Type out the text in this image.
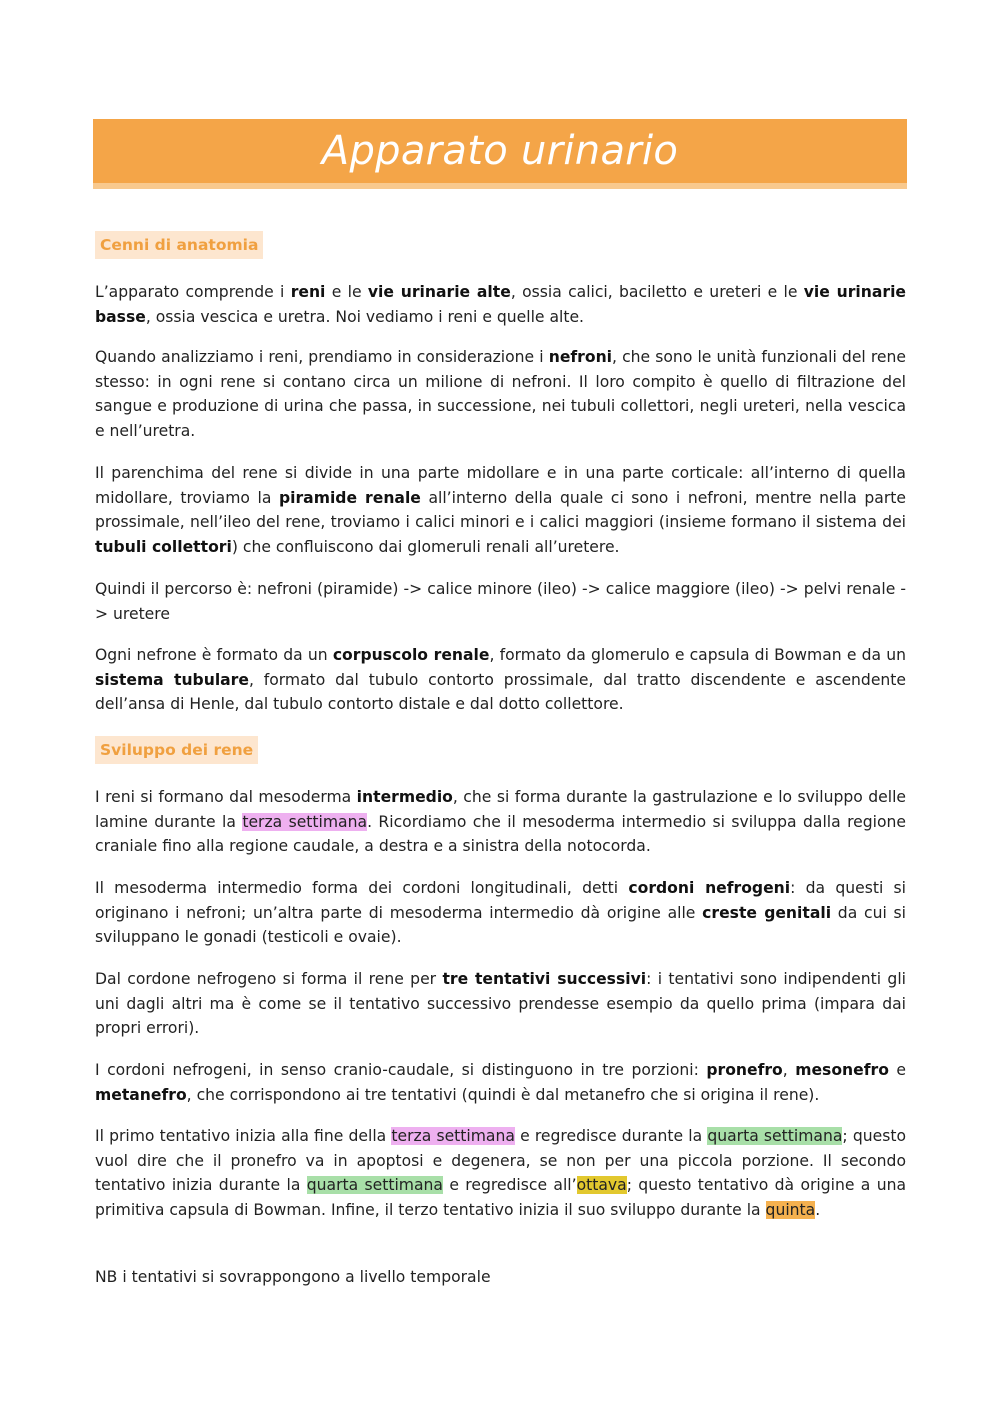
Apparato urinario
Cenni di anatomia

L’apparato comprende i reni e le vie urinarie alte, ossia calici, baciletto e ureteri e le vie urinarie basse, ossia vescica e uretra. Noi vediamo i reni e quelle alte.

Quando analizziamo i reni, prendiamo in considerazione i nefroni, che sono le unità funzionali del rene stesso: in ogni rene si contano circa un milione di nefroni. Il loro compito è quello di filtrazione del sangue e produzione di urina che passa, in successione, nei tubuli collettori, negli ureteri, nella vescica e nell’uretra.

Il parenchima del rene si divide in una parte midollare e in una parte corticale: all’interno di quella midollare, troviamo la piramide renale all’interno della quale ci sono i nefroni, mentre nella parte prossimale, nell’ileo del rene, troviamo i calici minori e i calici maggiori (insieme formano il sistema dei tubuli collettori) che confluiscono dai glomeruli renali all’uretere.

Quindi il percorso è: nefroni (piramide) -> calice minore (ileo) -> calice maggiore (ileo) -> pelvi renale -> uretere

Ogni nefrone è formato da un corpuscolo renale, formato da glomerulo e capsula di Bowman e da un sistema tubulare, formato dal tubulo contorto prossimale, dal tratto discendente e ascendente dell’ansa di Henle, dal tubulo contorto distale e dal dotto collettore.

Sviluppo dei rene

I reni si formano dal mesoderma intermedio, che si forma durante la gastrulazione e lo sviluppo delle lamine durante la terza settimana. Ricordiamo che il mesoderma intermedio si sviluppa dalla regione craniale fino alla regione caudale, a destra e a sinistra della notocorda.

Il mesoderma intermedio forma dei cordoni longitudinali, detti cordoni nefrogeni: da questi si originano i nefroni; un’altra parte di mesoderma intermedio dà origine alle creste genitali da cui si sviluppano le gonadi (testicoli e ovaie).

Dal cordone nefrogeno si forma il rene per tre tentativi successivi: i tentativi sono indipendenti gli uni dagli altri ma è come se il tentativo successivo prendesse esempio da quello prima (impara dai propri errori).

I cordoni nefrogeni, in senso cranio-caudale, si distinguono in tre porzioni: pronefro, mesonefro e metanefro, che corrispondono ai tre tentativi (quindi è dal metanefro che si origina il rene).

Il primo tentativo inizia alla fine della terza settimana e regredisce durante la quarta settimana; questo vuol dire che il pronefro va in apoptosi e degenera, se non per una piccola porzione. Il secondo tentativo inizia durante la quarta settimana e regredisce all’ottava; questo tentativo dà origine a una primitiva capsula di Bowman. Infine, il terzo tentativo inizia il suo sviluppo durante la quinta.

NB i tentativi si sovrappongono a livello temporale
